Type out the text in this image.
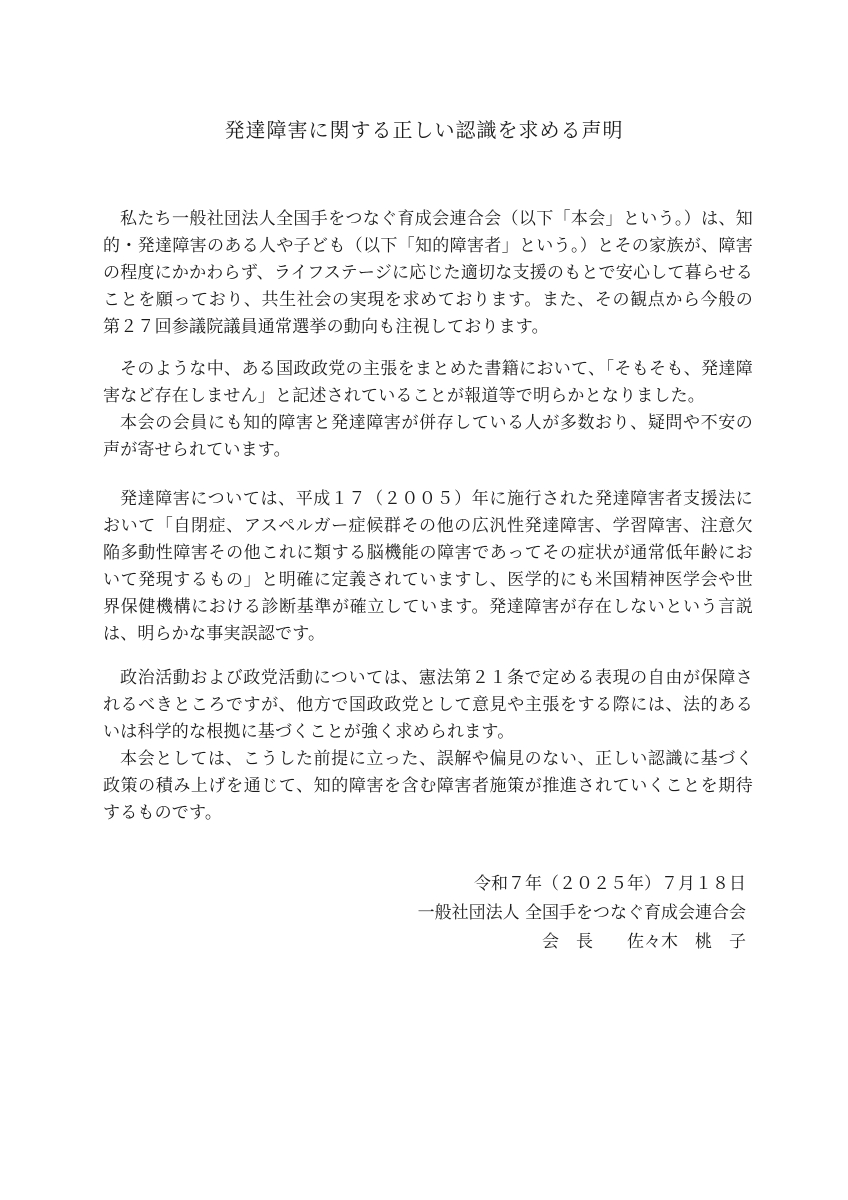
発達障害に関する正しい認識を求める声明

私たち一般社団法人全国手をつなぐ育成会連合会（以下「本会」という。）は、知的・発達障害のある人や子ども（以下「知的障害者」という。）とその家族が、障害の程度にかかわらず、ライフステージに応じた適切な支援のもとで安心して暮らせることを願っており、共生社会の実現を求めております。また、その観点から今般の第２７回参議院議員通常選挙の動向も注視しております。

そのような中、ある国政政党の主張をまとめた書籍において、「そもそも、発達障害など存在しません」と記述されていることが報道等で明らかとなりました。

本会の会員にも知的障害と発達障害が併存している人が多数おり、疑問や不安の声が寄せられています。

発達障害については、平成１７（２００５）年に施行された発達障害者支援法において「自閉症、アスペルガー症候群その他の広汎性発達障害、学習障害、注意欠陥多動性障害その他これに類する脳機能の障害であってその症状が通常低年齢において発現するもの」と明確に定義されていますし、医学的にも米国精神医学会や世界保健機構における診断基準が確立しています。発達障害が存在しないという言説は、明らかな事実誤認です。

政治活動および政党活動については、憲法第２１条で定める表現の自由が保障されるべきところですが、他方で国政政党として意見や主張をする際には、法的あるいは科学的な根拠に基づくことが強く求められます。

本会としては、こうした前提に立った、誤解や偏見のない、正しい認識に基づく政策の積み上げを通じて、知的障害を含む障害者施策が推進されていくことを期待するものです。

令和７年（２０２５年）７月１８日
一般社団法人 全国手をつなぐ育成会連合会
会　長　　佐々木　桃　子
